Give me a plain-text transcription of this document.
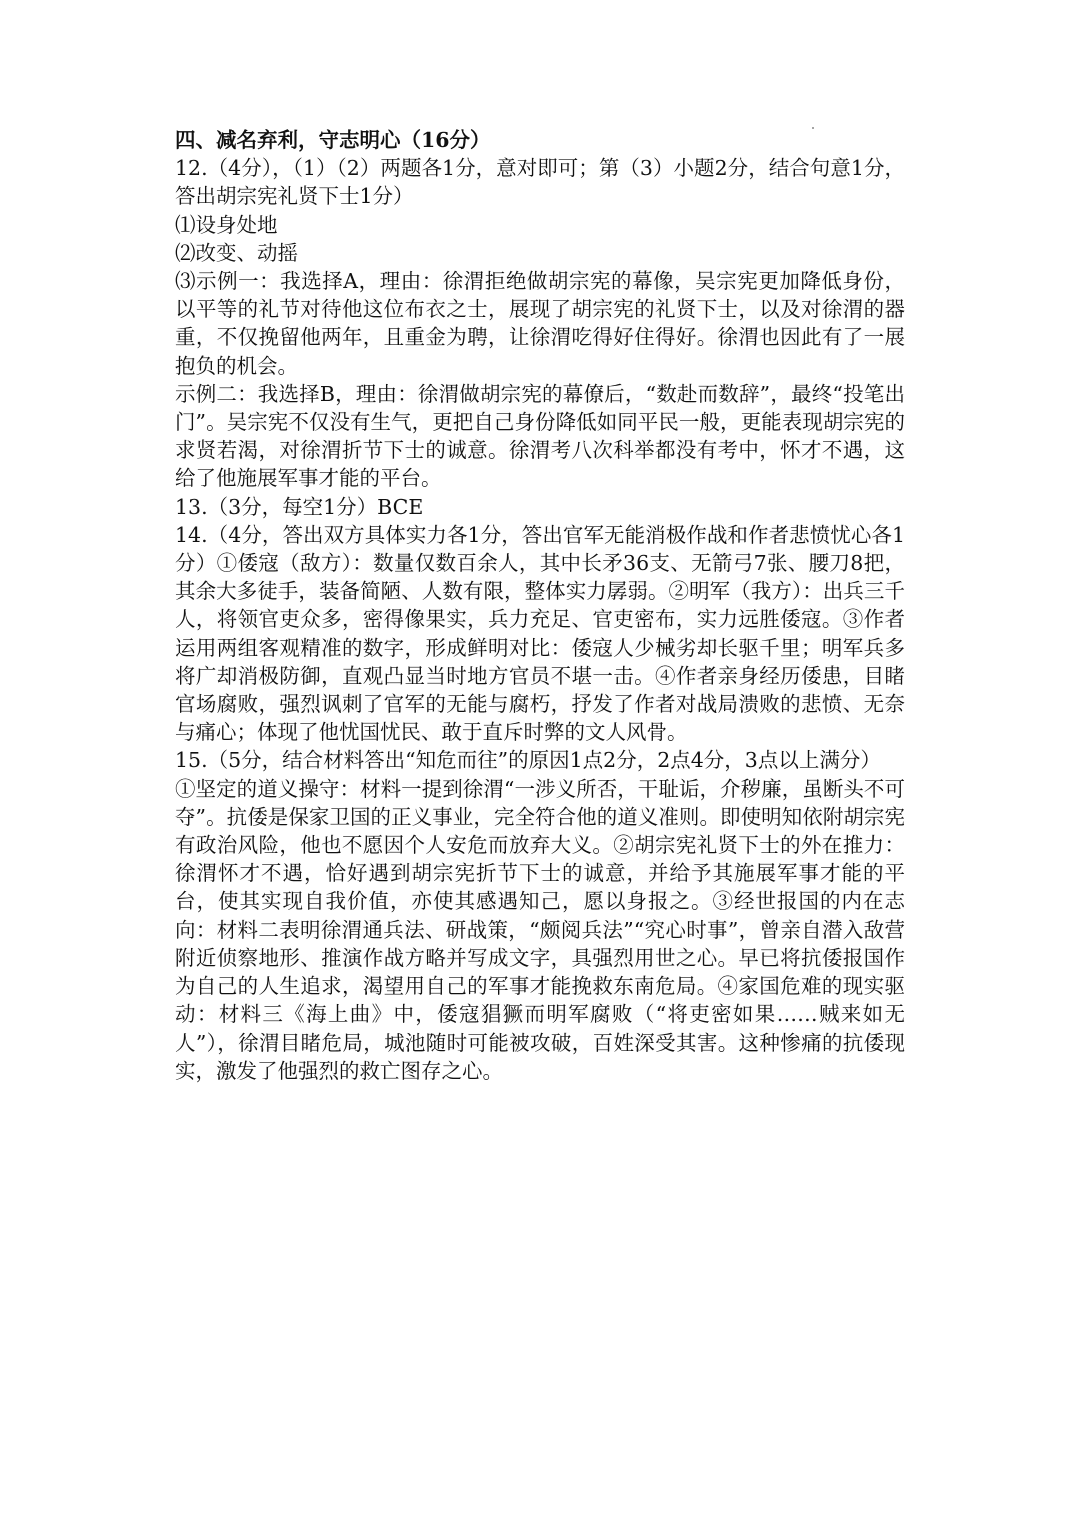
四、减名弃利，守志明心（16分）

12.（4分），（1）（2）两题各1分，意对即可；第（3）小题2分，结合句意1分，答出胡宗宪礼贤下士1分）

⑴设身处地

⑵改变、动摇

⑶示例一：我选择A，理由：徐渭拒绝做胡宗宪的幕像，吴宗宪更加降低身份，以平等的礼节对待他这位布衣之士，展现了胡宗宪的礼贤下士，以及对徐渭的器重，不仅挽留他两年，且重金为聘，让徐渭吃得好住得好。徐渭也因此有了一展抱负的机会。

示例二：我选择B，理由：徐渭做胡宗宪的幕僚后，“数赴而数辞”，最终“投笔出门”。吴宗宪不仅没有生气，更把自己身份降低如同平民一般，更能表现胡宗宪的求贤若渴，对徐渭折节下士的诚意。徐渭考八次科举都没有考中，怀才不遇，这给了他施展军事才能的平台。

13.（3分，每空1分）BCE

14.（4分，答出双方具体实力各1分，答出官军无能消极作战和作者悲愤忧心各1分）①倭寇（敌方）：数量仅数百余人，其中长矛36支、无箭弓7张、腰刀8把，其余大多徒手，装备简陋、人数有限，整体实力孱弱。②明军（我方）：出兵三千人，将领官吏众多，密得像果实，兵力充足、官吏密布，实力远胜倭寇。③作者运用两组客观精准的数字，形成鲜明对比：倭寇人少械劣却长驱千里；明军兵多将广却消极防御，直观凸显当时地方官员不堪一击。④作者亲身经历倭患，目睹官场腐败，强烈讽刺了官军的无能与腐朽，抒发了作者对战局溃败的悲愤、无奈与痛心；体现了他忧国忧民、敢于直斥时弊的文人风骨。

15.（5分，结合材料答出“知危而往”的原因1点2分，2点4分，3点以上满分）

①坚定的道义操守：材料一提到徐渭“一涉义所否，干耻诟，介秽廉，虽断头不可夺”。抗倭是保家卫国的正义事业，完全符合他的道义准则。即使明知依附胡宗宪有政治风险，他也不愿因个人安危而放弃大义。②胡宗宪礼贤下士的外在推力：徐渭怀才不遇，恰好遇到胡宗宪折节下士的诚意，并给予其施展军事才能的平台，使其实现自我价值，亦使其感遇知己，愿以身报之。③经世报国的内在志向：材料二表明徐渭通兵法、研战策，“颇阅兵法”“究心时事”，曾亲自潜入敌营附近侦察地形、推演作战方略并写成文字，具强烈用世之心。早已将抗倭报国作为自己的人生追求，渴望用自己的军事才能挽救东南危局。④家国危难的现实驱动：材料三《海上曲》中，倭寇猖獗而明军腐败（“将吏密如果……贼来如无人”），徐渭目睹危局，城池随时可能被攻破，百姓深受其害。这种惨痛的抗倭现实，激发了他强烈的救亡图存之心。
